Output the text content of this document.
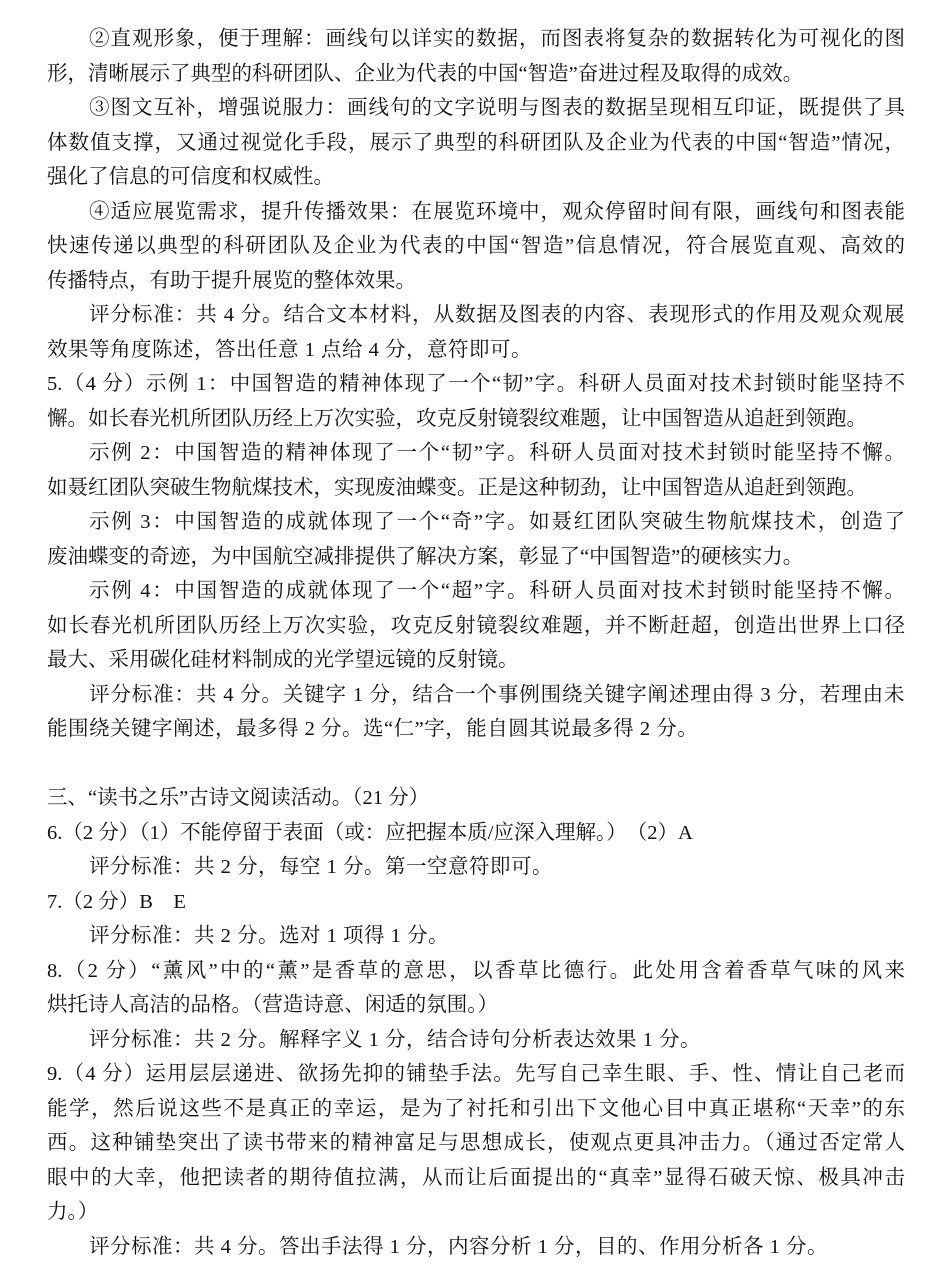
②直观形象，便于理解：画线句以详实的数据，而图表将复杂的数据转化为可视化的图
形，清晰展示了典型的科研团队、企业为代表的中国“智造”奋进过程及取得的成效。
③图文互补，增强说服力：画线句的文字说明与图表的数据呈现相互印证，既提供了具
体数值支撑，又通过视觉化手段，展示了典型的科研团队及企业为代表的中国“智造”情况，
强化了信息的可信度和权威性。
④适应展览需求，提升传播效果：在展览环境中，观众停留时间有限，画线句和图表能
快速传递以典型的科研团队及企业为代表的中国“智造”信息情况，符合展览直观、高效的
传播特点，有助于提升展览的整体效果。
评分标准：共 4 分。结合文本材料，从数据及图表的内容、表现形式的作用及观众观展
效果等角度陈述，答出任意 1 点给 4 分，意符即可。
5.（4 分）示例 1：中国智造的精神体现了一个“韧”字。科研人员面对技术封锁时能坚持不
懈。如长春光机所团队历经上万次实验，攻克反射镜裂纹难题，让中国智造从追赶到领跑。
示例 2：中国智造的精神体现了一个“韧”字。科研人员面对技术封锁时能坚持不懈。
如聂红团队突破生物航煤技术，实现废油蝶变。正是这种韧劲，让中国智造从追赶到领跑。
示例 3：中国智造的成就体现了一个“奇”字。如聂红团队突破生物航煤技术，创造了
废油蝶变的奇迹，为中国航空减排提供了解决方案，彰显了“中国智造”的硬核实力。
示例 4：中国智造的成就体现了一个“超”字。科研人员面对技术封锁时能坚持不懈。
如长春光机所团队历经上万次实验，攻克反射镜裂纹难题，并不断赶超，创造出世界上口径
最大、采用碳化硅材料制成的光学望远镜的反射镜。
评分标准：共 4 分。关键字 1 分，结合一个事例围绕关键字阐述理由得 3 分，若理由未
能围绕关键字阐述，最多得 2 分。选“仁”字，能自圆其说最多得 2 分。
三、“读书之乐”古诗文阅读活动。（21 分）
6.（2 分）（1）不能停留于表面（或：应把握本质/应深入理解。）　（2）A
评分标准：共 2 分，每空 1 分。第一空意符即可。
7.（2 分）B　E
评分标准：共 2 分。选对 1 项得 1 分。
8.（2 分）“薰风”中的“薰”是香草的意思，以香草比德行。此处用含着香草气味的风来
烘托诗人高洁的品格。（营造诗意、闲适的氛围。）
评分标准：共 2 分。解释字义 1 分，结合诗句分析表达效果 1 分。
9.（4 分）运用层层递进、欲扬先抑的铺垫手法。先写自己幸生眼、手、性、情让自己老而
能学，然后说这些不是真正的幸运，是为了衬托和引出下文他心目中真正堪称“天幸”的东
西。这种铺垫突出了读书带来的精神富足与思想成长，使观点更具冲击力。（通过否定常人
眼中的大幸，他把读者的期待值拉满，从而让后面提出的“真幸”显得石破天惊、极具冲击
力。）
评分标准：共 4 分。答出手法得 1 分，内容分析 1 分，目的、作用分析各 1 分。
